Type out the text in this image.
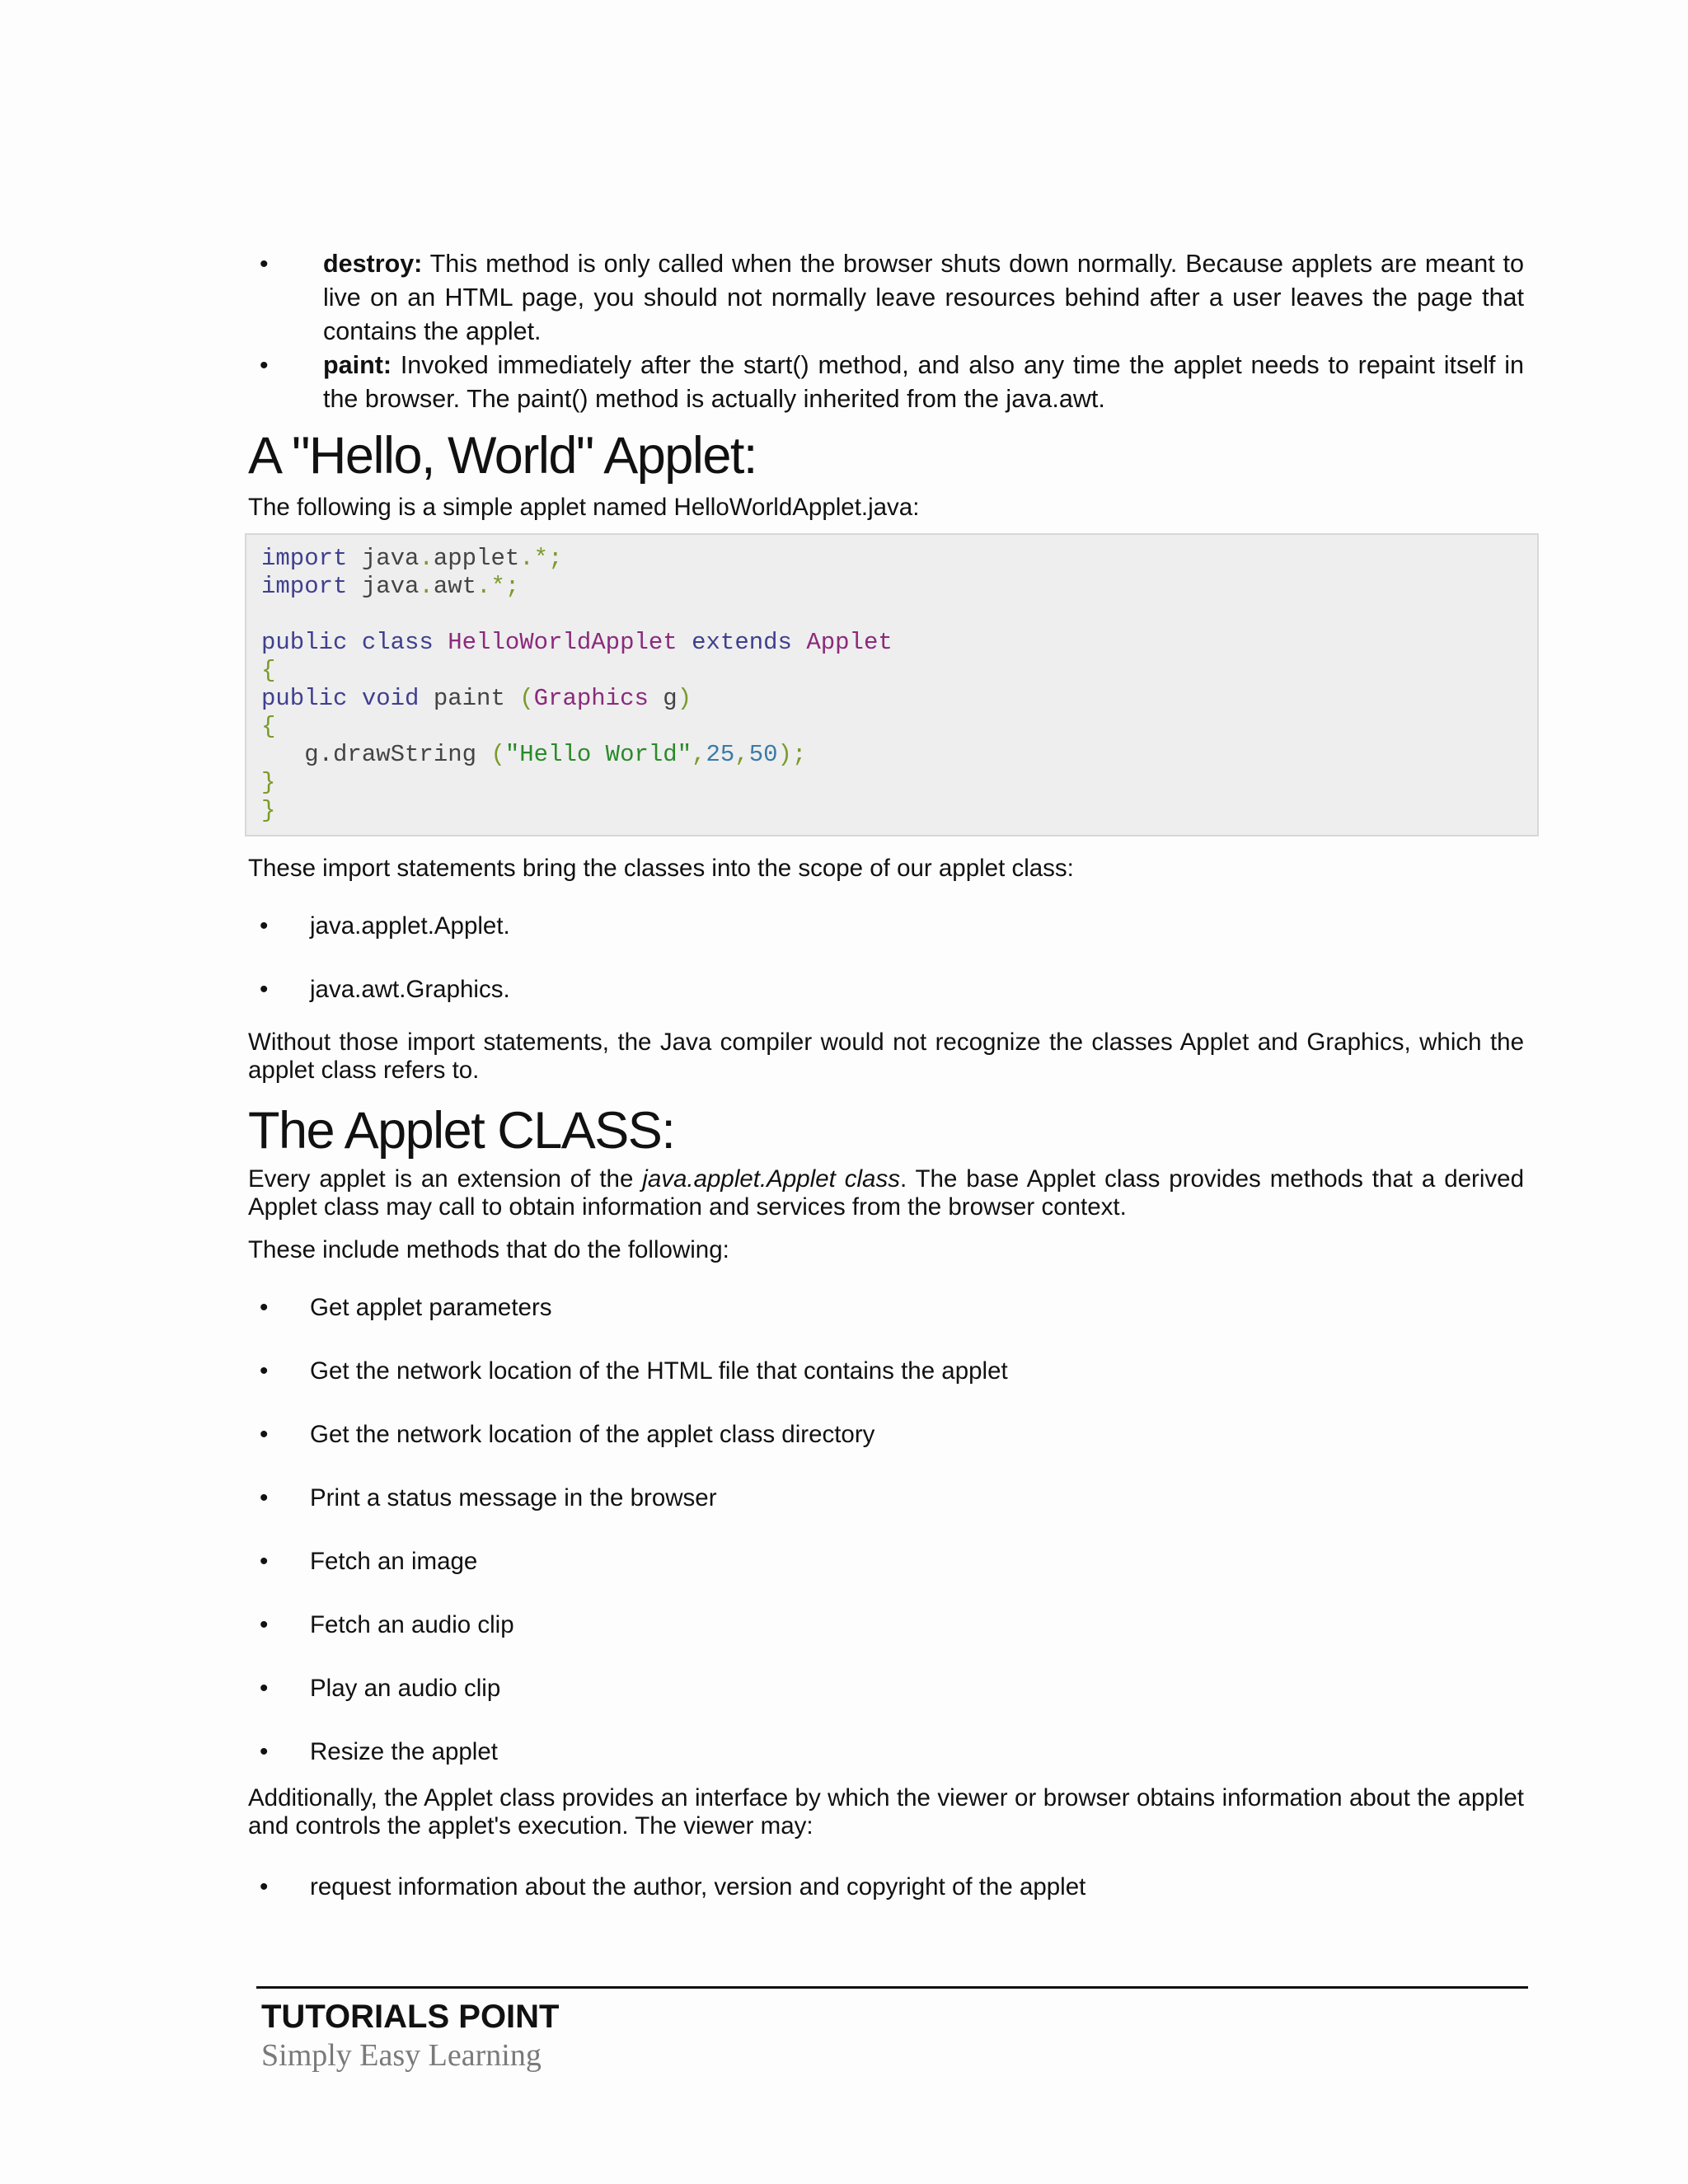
• destroy: This method is only called when the browser shuts down normally. Because applets are meant to live on an HTML page, you should not normally leave resources behind after a user leaves the page that contains the applet.
• paint: Invoked immediately after the start() method, and also any time the applet needs to repaint itself in the browser. The paint() method is actually inherited from the java.awt.
A "Hello, World" Applet:

The following is a simple applet named HelloWorldApplet.java:

import java.applet.*;
import java.awt.*;
public class HelloWorldApplet extends Applet
{
public void paint (Graphics g)
{
g.drawString ("Hello World",25,50);
}
}

These import statements bring the classes into the scope of our applet class:

• java.applet.Applet.
• java.awt.Graphics.

Without those import statements, the Java compiler would not recognize the classes Applet and Graphics, which the applet class refers to.

The Applet CLASS:

Every applet is an extension of the java.applet.Applet class. The base Applet class provides methods that a derived Applet class may call to obtain information and services from the browser context.

These include methods that do the following:

• Get applet parameters
• Get the network location of the HTML file that contains the applet
• Get the network location of the applet class directory
• Print a status message in the browser
• Fetch an image
• Fetch an audio clip
• Play an audio clip
• Resize the applet

Additionally, the Applet class provides an interface by which the viewer or browser obtains information about the applet and controls the applet's execution. The viewer may:

• request information about the author, version and copyright of the applet
TUTORIALS POINT
Simply Easy Learning
